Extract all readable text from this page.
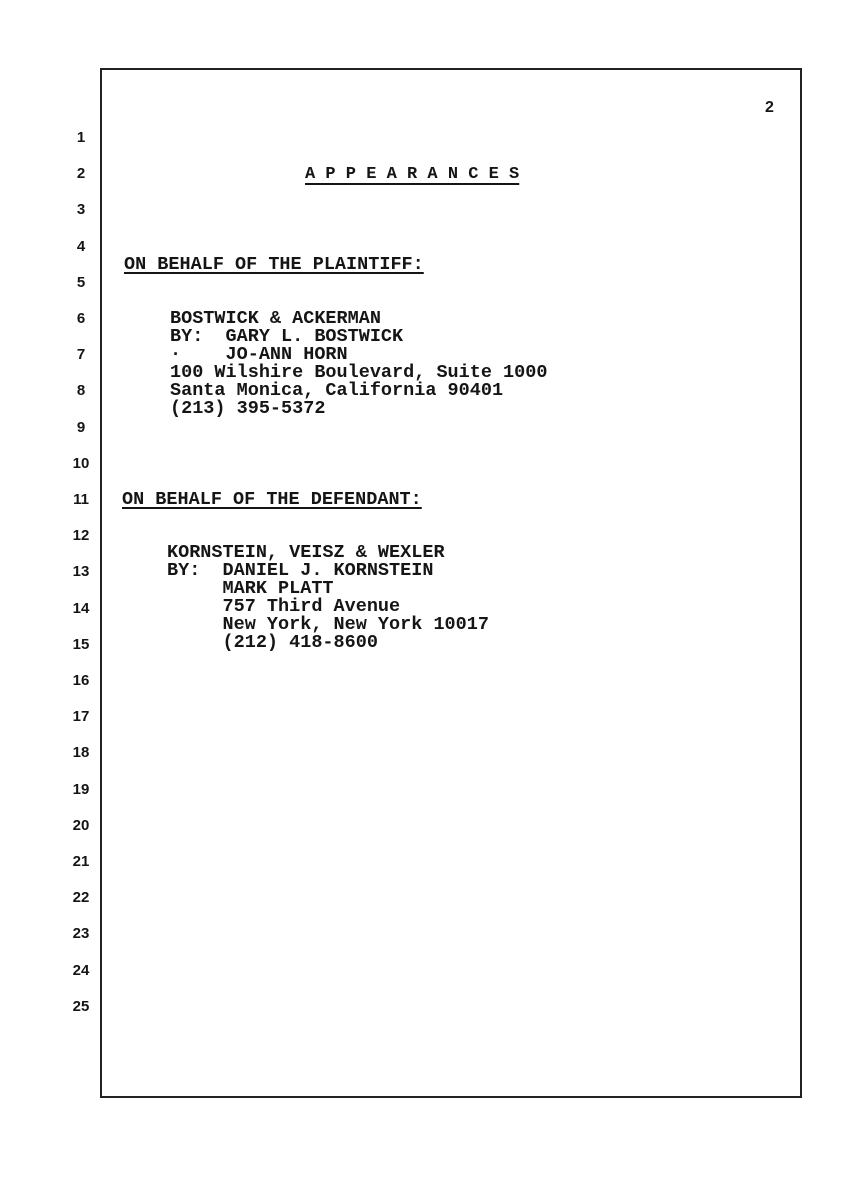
2
1
2
3
4
5
6
7
8
9
10
11
12
13
14
15
16
17
18
19
20
21
22
23
24
25
A P P E A R A N C E S
ON BEHALF OF THE PLAINTIFF:
BOSTWICK & ACKERMAN
BY:  GARY L. BOSTWICK
·    JO-ANN HORN
100 Wilshire Boulevard, Suite 1000
Santa Monica, California 90401
(213) 395-5372
ON BEHALF OF THE DEFENDANT:
KORNSTEIN, VEISZ & WEXLER
BY:  DANIEL J. KORNSTEIN
MARK PLATT
757 Third Avenue
New York, New York 10017
(212) 418-8600
